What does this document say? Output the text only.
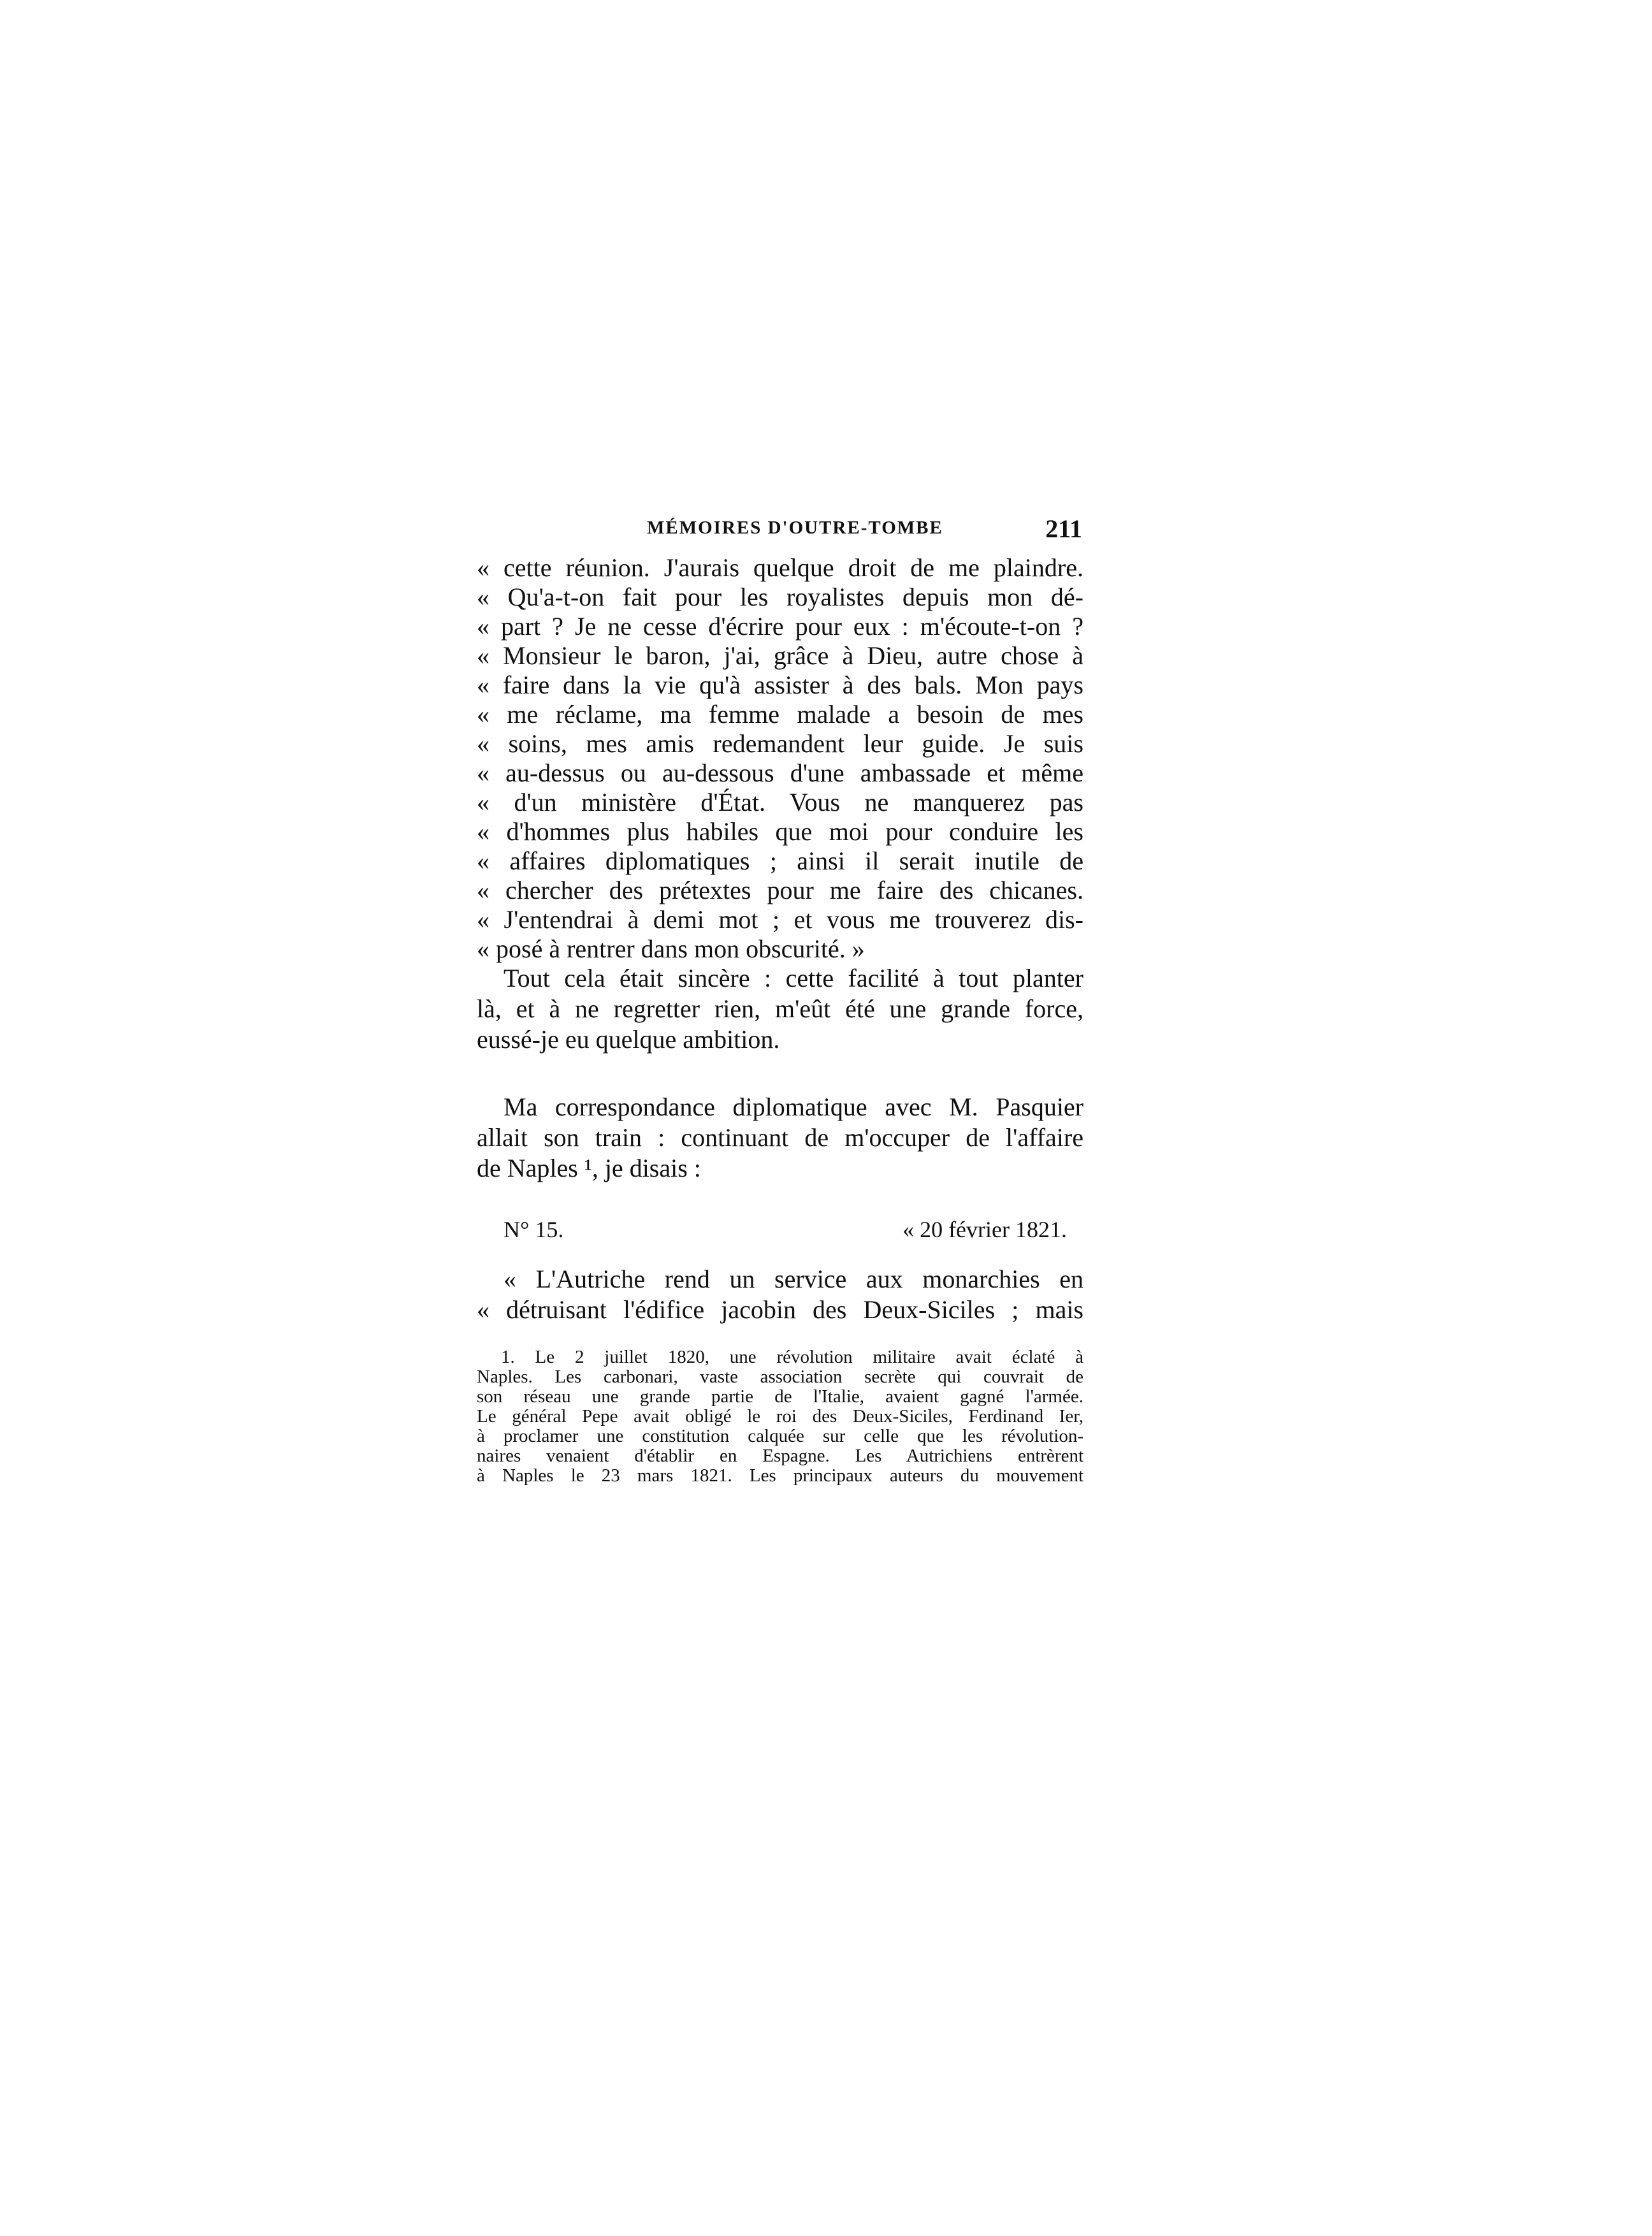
MÉMOIRES D'OUTRE-TOMBE	211
« cette réunion. J'aurais quelque droit de me plaindre.
« Qu'a-t-on fait pour les royalistes depuis mon dé-
« part ? Je ne cesse d'écrire pour eux : m'écoute-t-on ?
« Monsieur le baron, j'ai, grâce à Dieu, autre chose à
« faire dans la vie qu'à assister à des bals. Mon pays
« me réclame, ma femme malade a besoin de mes
« soins, mes amis redemandent leur guide. Je suis
« au-dessus ou au-dessous d'une ambassade et même
« d'un ministère d'État. Vous ne manquerez pas
« d'hommes plus habiles que moi pour conduire les
« affaires diplomatiques ; ainsi il serait inutile de
« chercher des prétextes pour me faire des chicanes.
« J'entendrai à demi mot ; et vous me trouverez dis-
« posé à rentrer dans mon obscurité. »
Tout cela était sincère : cette facilité à tout planter
là, et à ne regretter rien, m'eût été une grande force,
eussé-je eu quelque ambition.
Ma correspondance diplomatique avec M. Pasquier
allait son train : continuant de m'occuper de l'affaire
de Naples ¹, je disais :
« L'Autriche rend un service aux monarchies en
« détruisant l'édifice jacobin des Deux-Siciles ; mais
1. Le 2 juillet 1820, une révolution militaire avait éclaté à
Naples. Les carbonari, vaste association secrète qui couvrait de
son réseau une grande partie de l'Italie, avaient gagné l'armée.
Le général Pepe avait obligé le roi des Deux-Siciles, Ferdinand Ier,
à proclamer une constitution calquée sur celle que les révolution-
naires venaient d'établir en Espagne. Les Autrichiens entrèrent
à Naples le 23 mars 1821. Les principaux auteurs du mouvement
N° 15.	« 20 février 1821.
